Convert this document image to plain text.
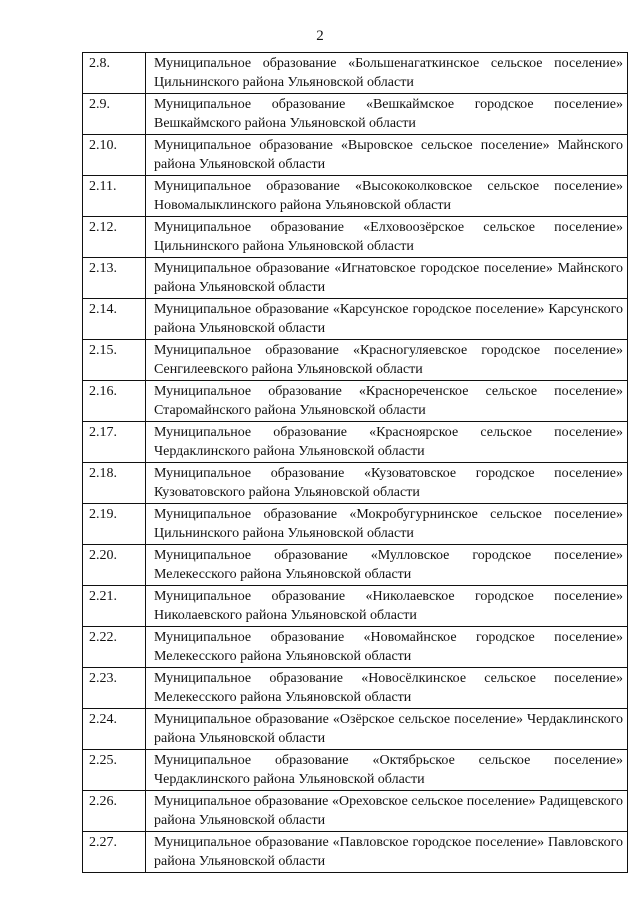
2
2.8.	Муниципальное образование «Большенагаткинское сельское поселение» Цильнинского района Ульяновской области
2.9.	Муниципальное образование «Вешкаймское городское поселение» Вешкаймского района Ульяновской области
2.10.	Муниципальное образование «Выровское сельское поселение» Майнского района Ульяновской области
2.11.	Муниципальное образование «Высококолковское сельское поселение» Новомалыклинского района Ульяновской области
2.12.	Муниципальное образование «Елховоозёрское сельское поселение» Цильнинского района Ульяновской области
2.13.	Муниципальное образование «Игнатовское городское поселение» Майнского района Ульяновской области
2.14.	Муниципальное образование «Карсунское городское поселение» Карсунского района Ульяновской области
2.15.	Муниципальное образование «Красногуляевское городское поселение» Сенгилеевского района Ульяновской области
2.16.	Муниципальное образование «Краснореченское сельское поселение» Старомайнского района Ульяновской области
2.17.	Муниципальное образование «Красноярское сельское поселение» Чердаклинского района Ульяновской области
2.18.	Муниципальное образование «Кузоватовское городское поселение» Кузоватовского района Ульяновской области
2.19.	Муниципальное образование «Мокробугурнинское сельское поселение» Цильнинского района Ульяновской области
2.20.	Муниципальное образование «Мулловское городское поселение» Мелекесского района Ульяновской области
2.21.	Муниципальное образование «Николаевское городское поселение» Николаевского района Ульяновской области
2.22.	Муниципальное образование «Новомайнское городское поселение» Мелекесского района Ульяновской области
2.23.	Муниципальное образование «Новосёлкинское сельское поселение» Мелекесского района Ульяновской области
2.24.	Муниципальное образование «Озёрское сельское поселение» Чердаклинского района Ульяновской области
2.25.	Муниципальное образование «Октябрьское сельское поселение» Чердаклинского района Ульяновской области
2.26.	Муниципальное образование «Ореховское сельское поселение» Радищевского района Ульяновской области
2.27.	Муниципальное образование «Павловское городское поселение» Павловского района Ульяновской области
